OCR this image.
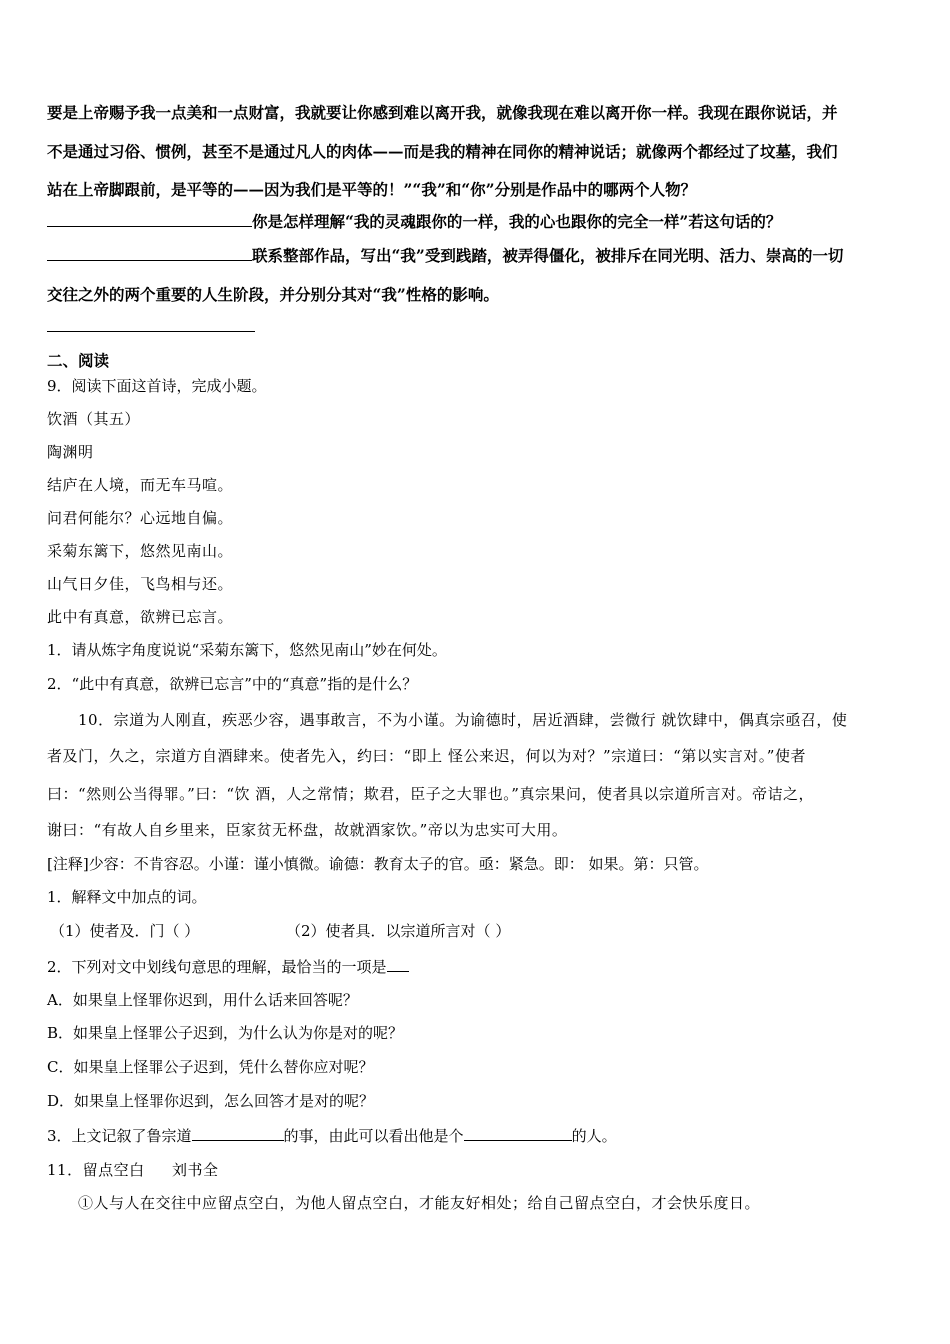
要是上帝赐予我一点美和一点财富，我就要让你感到难以离开我，就像我现在难以离开你一样。我现在跟你说话，并
不是通过习俗、惯例，甚至不是通过凡人的肉体——而是我的精神在同你的精神说话；就像两个都经过了坟墓，我们
站在上帝脚跟前，是平等的——因为我们是平等的！”“我”和“你”分别是作品中的哪两个人物？
你是怎样理解“我的灵魂跟你的一样，我的心也跟你的完全一样”若这句话的？
联系整部作品，写出“我”受到践踏，被弄得僵化，被排斥在同光明、活力、崇高的一切
交往之外的两个重要的人生阶段，并分别分其对“我”性格的影响。
二、阅读
9．阅读下面这首诗，完成小题。
饮酒（其五）
陶渊明
结庐在人境，而无车马喧。
问君何能尔？心远地自偏。
采菊东篱下，悠然见南山。
山气日夕佳，飞鸟相与还。
此中有真意，欲辨已忘言。
1．请从炼字角度说说“采菊东篱下，悠然见南山”妙在何处。
2．“此中有真意，欲辨已忘言”中的“真意”指的是什么？
10．宗道为人刚直，疾恶少容，遇事敢言，不为小谨。为谕德时，居近酒肆，尝微行 就饮肆中，偶真宗亟召，使
者及门，久之，宗道方自酒肆来。使者先入，约曰：“即上 怪公来迟，何以为对？”宗道曰：“第以实言对。”使者
曰：“然则公当得罪。”曰：“饮 酒，人之常情；欺君，臣子之大罪也。”真宗果问，使者具以宗道所言对。帝诘之，
谢曰：“有故人自乡里来，臣家贫无杯盘，故就酒家饮。”帝以为忠实可大用。
[注释]少容：不肯容忍。小谨：谨小慎微。谕德：教育太子的官。亟：紧急。即： 如果。第：只管。
1．解释文中加点的词。
（1）使者及．门（ ）	（2）使者具．以宗道所言对（ ）
2．下列对文中划线句意思的理解，最恰当的一项是
A．如果皇上怪罪你迟到，用什么话来回答呢？
B．如果皇上怪罪公子迟到，为什么认为你是对的呢？
C．如果皇上怪罪公子迟到，凭什么替你应对呢？
D．如果皇上怪罪你迟到，怎么回答才是对的呢？
3．上文记叙了鲁宗道	的事，由此可以看出他是个	的人。
11．留点空白 刘书全
①人与人在交往中应留点空白，为他人留点空白，才能友好相处；给自己留点空白，才会快乐度日。
